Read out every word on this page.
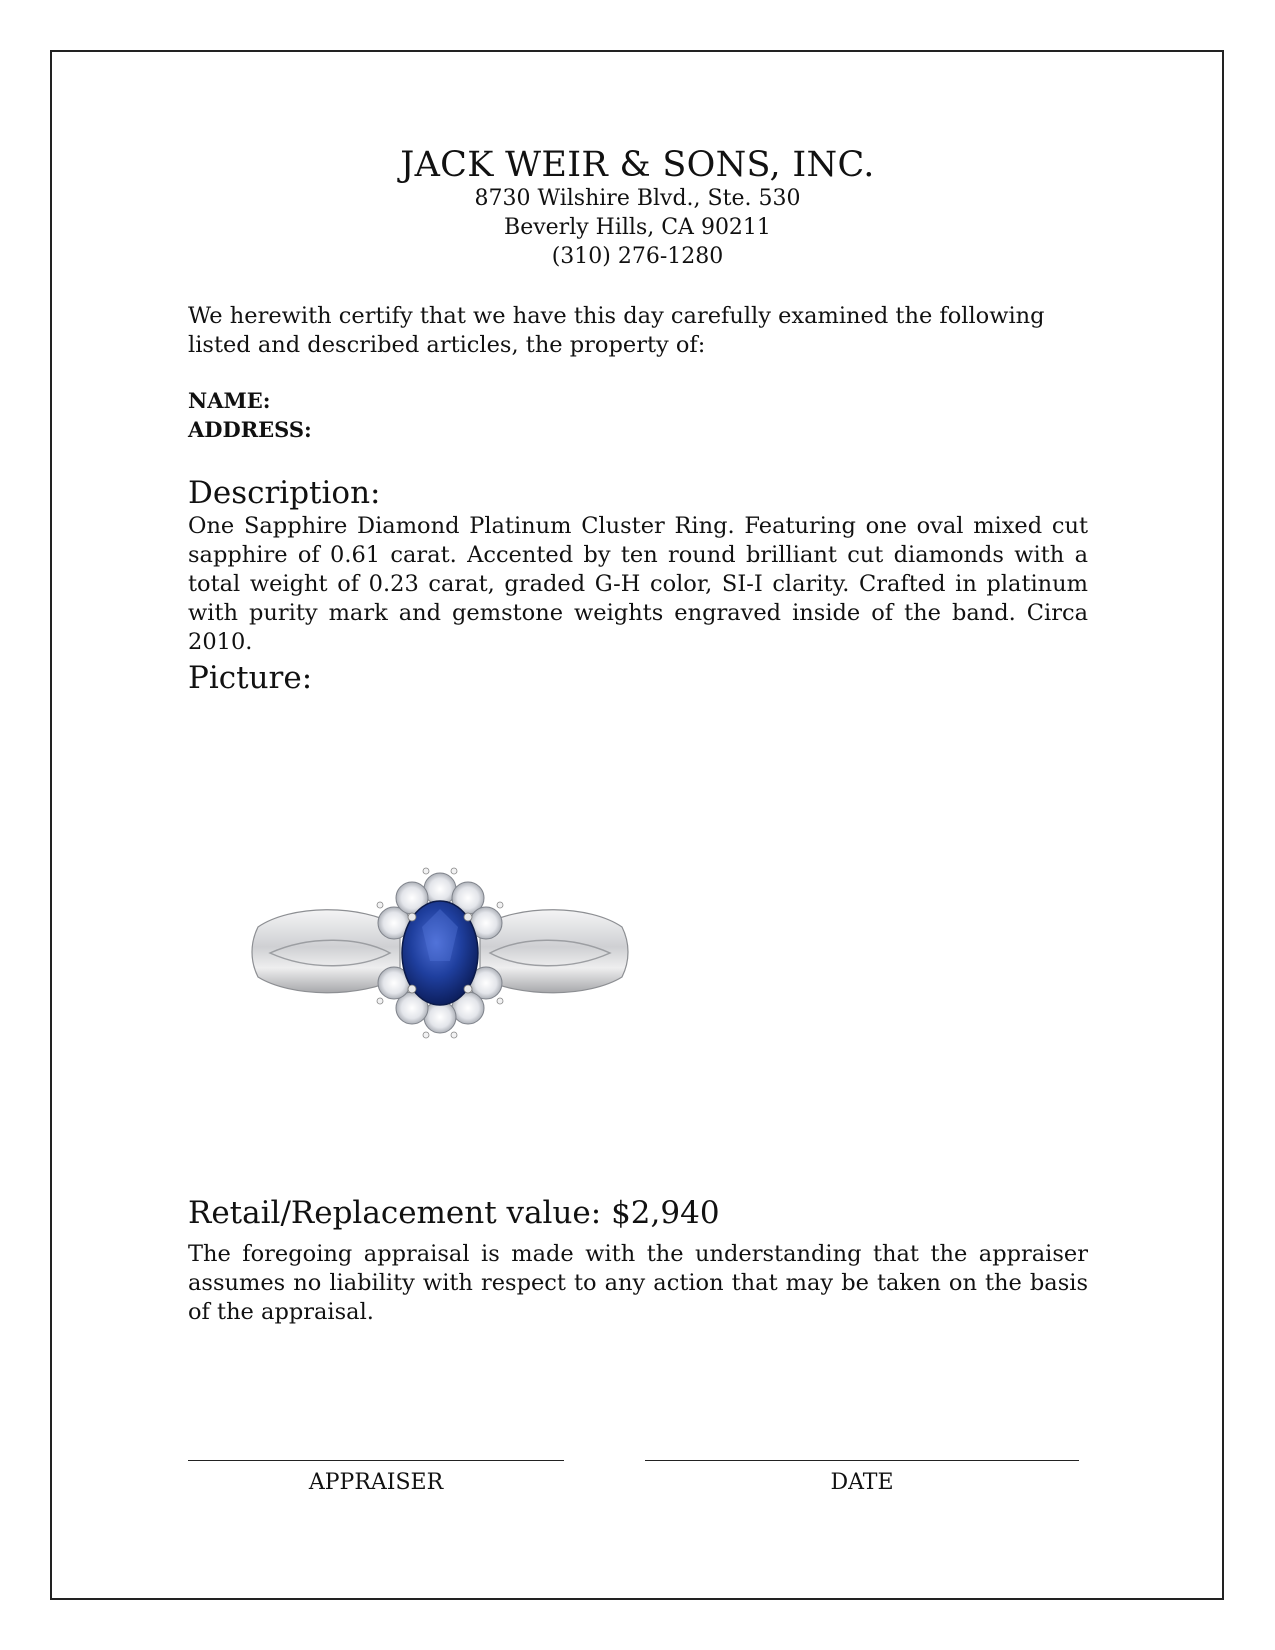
JACK WEIR & SONS, INC.
8730 Wilshire Blvd., Ste. 530
Beverly Hills, CA 90211
(310) 276-1280
We herewith certify that we have this day carefully examined the following listed and described articles, the property of:
NAME:
ADDRESS:
Description:
One Sapphire Diamond Platinum Cluster Ring. Featuring one oval mixed cut sapphire of 0.61 carat. Accented by ten round brilliant cut diamonds with a total weight of 0.23 carat, graded G-H color, SI-I clarity. Crafted in platinum with purity mark and gemstone weights engraved inside of the band. Circa 2010.
Picture:
Retail/Replacement value: $2,940
The foregoing appraisal is made with the understanding that the appraiser assumes no liability with respect to any action that may be taken on the basis of the appraisal.
APPRAISER	DATE
